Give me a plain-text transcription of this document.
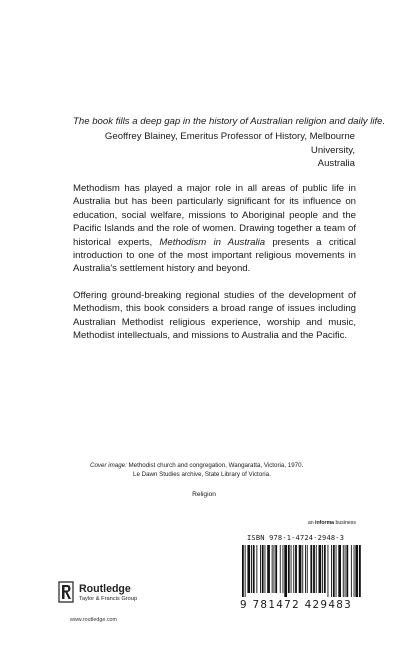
The book fills a deep gap in the history of Australian religion and daily life.
Geoffrey Blainey, Emeritus Professor of History, Melbourne University,
Australia
Methodism has played a major role in all areas of public life in Australia but has been particularly significant for its influence on education, social welfare, missions to Aboriginal people and the Pacific Islands and the role of women. Drawing together a team of historical experts, Methodism in Australia presents a critical introduction to one of the most important religious movements in Australia's settlement history and beyond.
Offering ground-breaking regional studies of the development of Methodism, this book considers a broad range of issues including Australian Methodist religious experience, worship and music, Methodist intellectuals, and missions to Australia and the Pacific.
Cover image: Methodist church and congregation, Wangaratta, Victoria, 1970.
Le Dawn Studies archive, State Library of Victoria.
Religion
an informa business
ISBN 978-1-4724-2948-3
9 781472 429483
Routledge
Taylor & Francis Group
www.routledge.com
